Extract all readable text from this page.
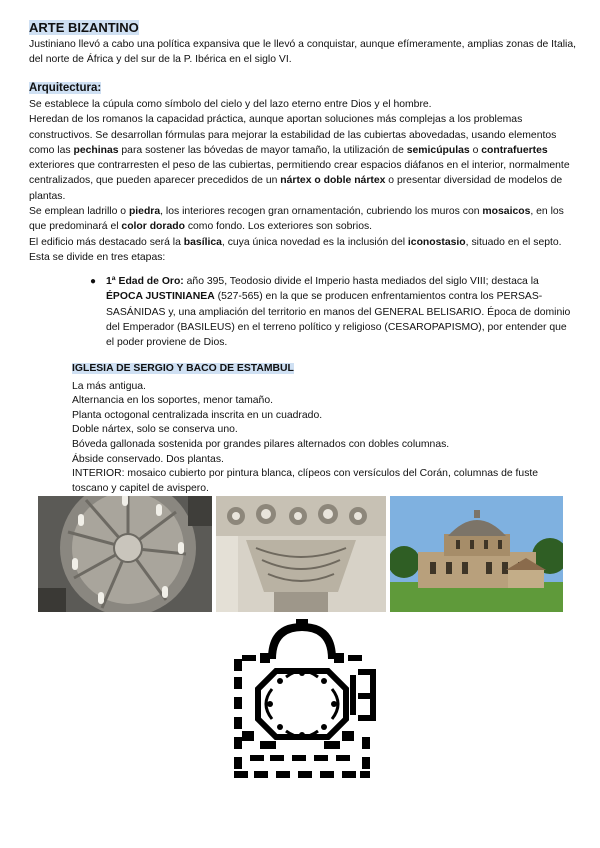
ARTE BIZANTINO

Justiniano llevó a cabo una política expansiva que le llevó a conquistar, aunque efímeramente, amplias zonas de Italia, del norte de África y del sur de la P. Ibérica en el siglo VI.

Arquitectura:
Se establece la cúpula como símbolo del cielo y del lazo eterno entre Dios y el hombre.
Heredan de los romanos la capacidad práctica, aunque aportan soluciones más complejas a los problemas constructivos. Se desarrollan fórmulas para mejorar la estabilidad de las cubiertas abovedadas, usando elementos como las pechinas para sostener las bóvedas de mayor tamaño, la utilización de semicúpulas o contrafuertes exteriores que contrarresten el peso de las cubiertas, permitiendo crear espacios diáfanos en el interior, normalmente centralizados, que pueden aparecer precedidos de un nártex o doble nártex o presentar diversidad de modelos de plantas.
Se emplean ladrillo o piedra, los interiores recogen gran ornamentación, cubriendo los muros con mosaicos, en los que predominará el color dorado como fondo. Los exteriores son sobrios.
El edificio más destacado será la basílica, cuya única novedad es la inclusión del iconostasio, situado en el septo.
Esta se divide en tres etapas:
● 1ª Edad de Oro: año 395, Teodosio divide el Imperio hasta mediados del siglo VIII; destaca la ÉPOCA JUSTINIANEA (527-565) en la que se producen enfrentamientos contra los PERSAS-SASÁNIDAS y, una ampliación del territorio en manos del GENERAL BELISARIO. Época de dominio del Emperador (BASILEUS) en el terreno político y religioso (CESAROPAPISMO), por entender que el poder proviene de Dios.
IGLESIA DE SERGIO Y BACO DE ESTAMBUL
La más antigua.
Alternancia en los soportes, menor tamaño.
Planta octogonal centralizada inscrita en un cuadrado.
Doble nártex, solo se conserva uno.
Bóveda gallonada sostenida por grandes pilares alternados con dobles columnas.
Ábside conservado. Dos plantas.
INTERIOR: mosaico cubierto por pintura blanca, clípeos con versículos del Corán, columnas de fuste toscano y capitel de avispero.
